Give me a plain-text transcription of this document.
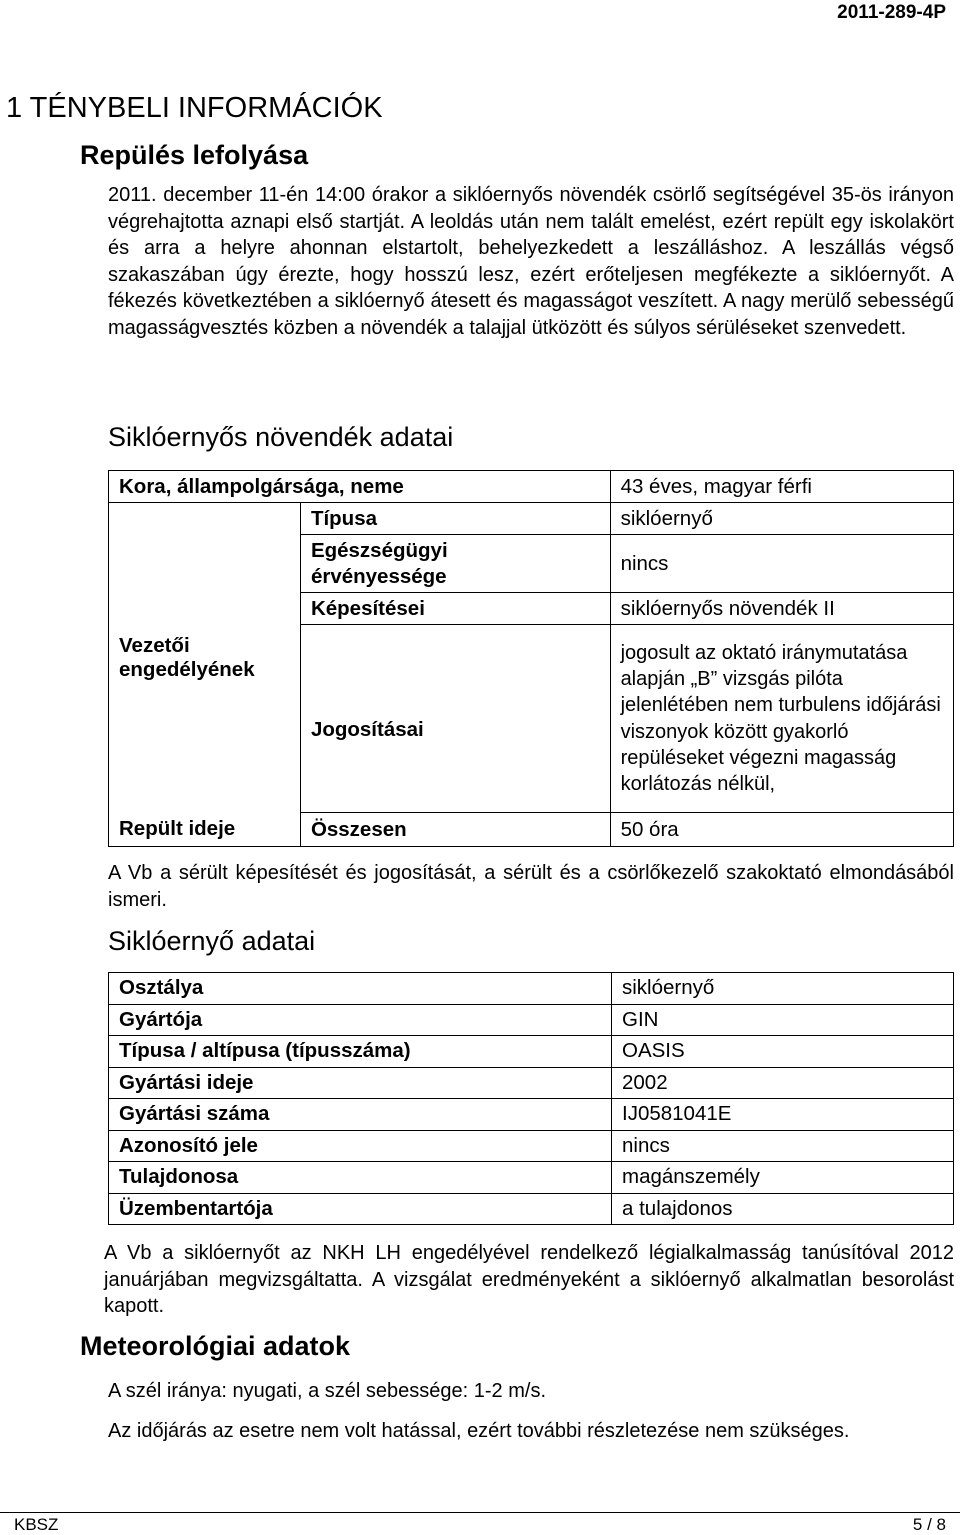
2011-289-4P
1 TÉNYBELI INFORMÁCIÓK
Repülés lefolyása

2011. december 11-én 14:00 órakor a siklóernyős növendék csörlő segítségével 35-ös irányon végrehajtotta aznapi első startját. A leoldás után nem talált emelést, ezért repült egy iskolakört és arra a helyre ahonnan elstartolt, behelyezkedett a leszálláshoz. A leszállás végső szakaszában úgy érezte, hogy hosszú lesz, ezért erőteljesen megfékezte a siklóernyőt. A fékezés következtében a siklóernyő átesett és magasságot veszített. A nagy merülő sebességű magasságvesztés közben a növendék a talajjal ütközött és súlyos sérüléseket szenvedett.

Siklóernyős növendék adatai
Kora, állampolgársága, neme		43 éves, magyar férfi

Vezetői engedélyének	Típusa	siklóernyő

	Egészségügyi érvényessége	nincs
	Képesítései	siklóernyős növendék II
	Jogosításai	jogosult az oktató iránymutatása alapján „B” vizsgás pilóta jelenlétében nem turbulens időjárási viszonyok között gyakorló repüléseket végezni magasság korlátozás nélkül,
Repült ideje	Összesen	50 óra

A Vb a sérült képesítését és jogosítását, a sérült és a csörlőkezelő szakoktató elmondásából ismeri.

Siklóernyő adatai
Osztálya	siklóernyő
Gyártója	GIN
Típusa / altípusa (típusszáma)	OASIS
Gyártási ideje	2002
Gyártási száma	IJ0581041E
Azonosító jele	nincs
Tulajdonosa	magánszemély
Üzembentartója	a tulajdonos

A Vb a siklóernyőt az NKH LH engedélyével rendelkező légialkalmasság tanúsítóval 2012 januárjában megvizsgáltatta. A vizsgálat eredményeként a siklóernyő alkalmatlan besorolást kapott.

Meteorológiai adatok

A szél iránya: nyugati, a szél sebessége: 1-2 m/s.

Az időjárás az esetre nem volt hatással, ezért további részletezése nem szükséges.

KBSZ	5 / 8
